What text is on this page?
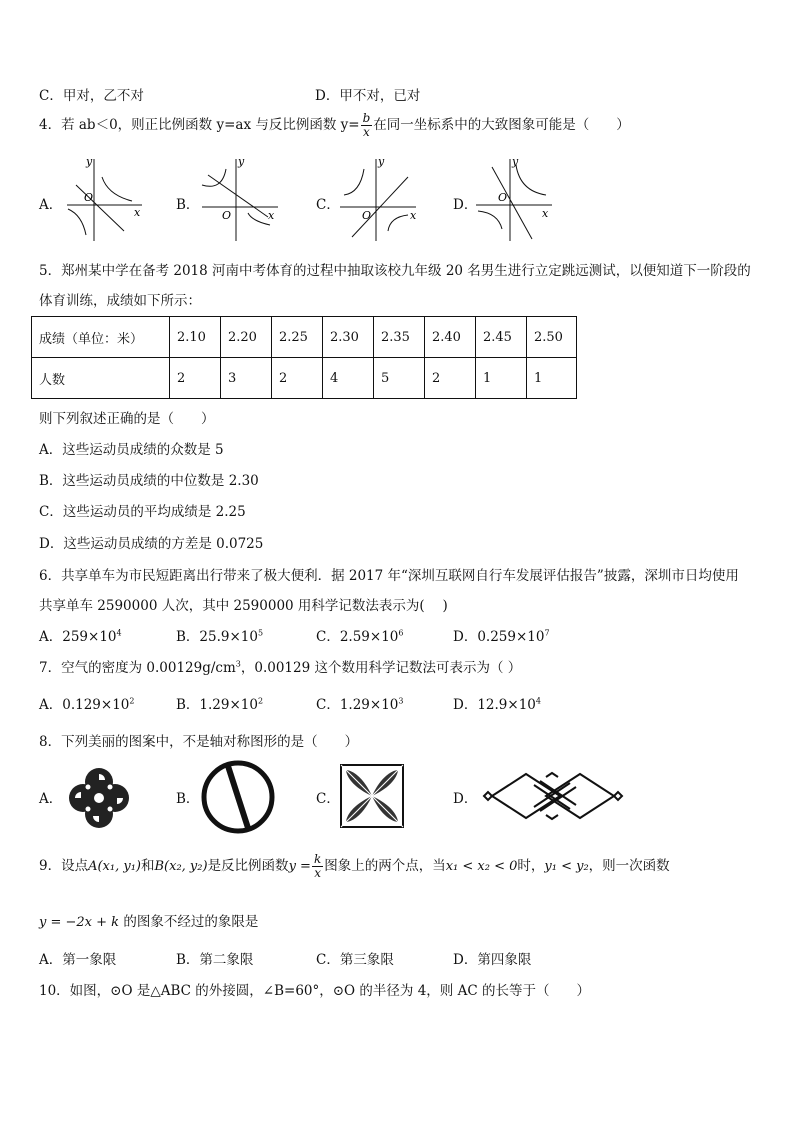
C．甲对，乙不对	D．甲不对，已对
4．若 ab＜0，则正比例函数 y=ax 与反比例函数 $y= \frac{b}{x}$ 在同一坐标系中的大致图象可能是（　　）
A．	B．	C．	D．
y
O
x
y
O	x
y
O	x
y
O
x
5．郑州某中学在备考 2018 河南中考体育的过程中抽取该校九年级 20 名男生进行立定跳远测试，以便知道下一阶段的
体育训练，成绩如下所示：
成绩（单位：米）	2.10	2.20	2.25	2.30	2.35	2.40	2.45	2.50
人数	2	3	2	4	5	2	1	1
则下列叙述正确的是（　　）
A．这些运动员成绩的众数是 5
B．这些运动员成绩的中位数是 2.30
C．这些运动员的平均成绩是 2.25
D．这些运动员成绩的方差是 0.0725
6．共享单车为市民短距离出行带来了极大便利．据 2017 年“深圳互联网自行车发展评估报告”披露，深圳市日均使用
共享单车 2590000 人次，其中 2590000 用科学记数法表示为(　 )
A．$259\times 10^4$	B．$25.9\times 10^5$	C．$2.59\times 10^6$	D．$0.259\times 10^7$
7．空气的密度为 $0.00129g/cm^3$，0.00129 这个数用科学记数法可表示为（ ）
A．$0.129\times 10^2$	B．$1.29\times 10^2$	C．$1.29\times 10^3$	D．$12.9\times 10^4$
8．下列美丽的图案中，不是轴对称图形的是（　　）
A．	B．	C．	D．
9．设点A(x₁, y₁)和B(x₂, y₂)是反比例函数$y = \frac{k}{x}$ 图象上的两个点，当x₁ < x₂ < 0时，y₁ < y₂，则一次函数
y = −2x + k 的图象不经过的象限是
A．第一象限	B．第二象限	C．第三象限	D．第四象限
10．如图，⊙O 是△ABC 的外接圆，∠B=60°，⊙O 的半径为 4，则 AC 的长等于（　　）
